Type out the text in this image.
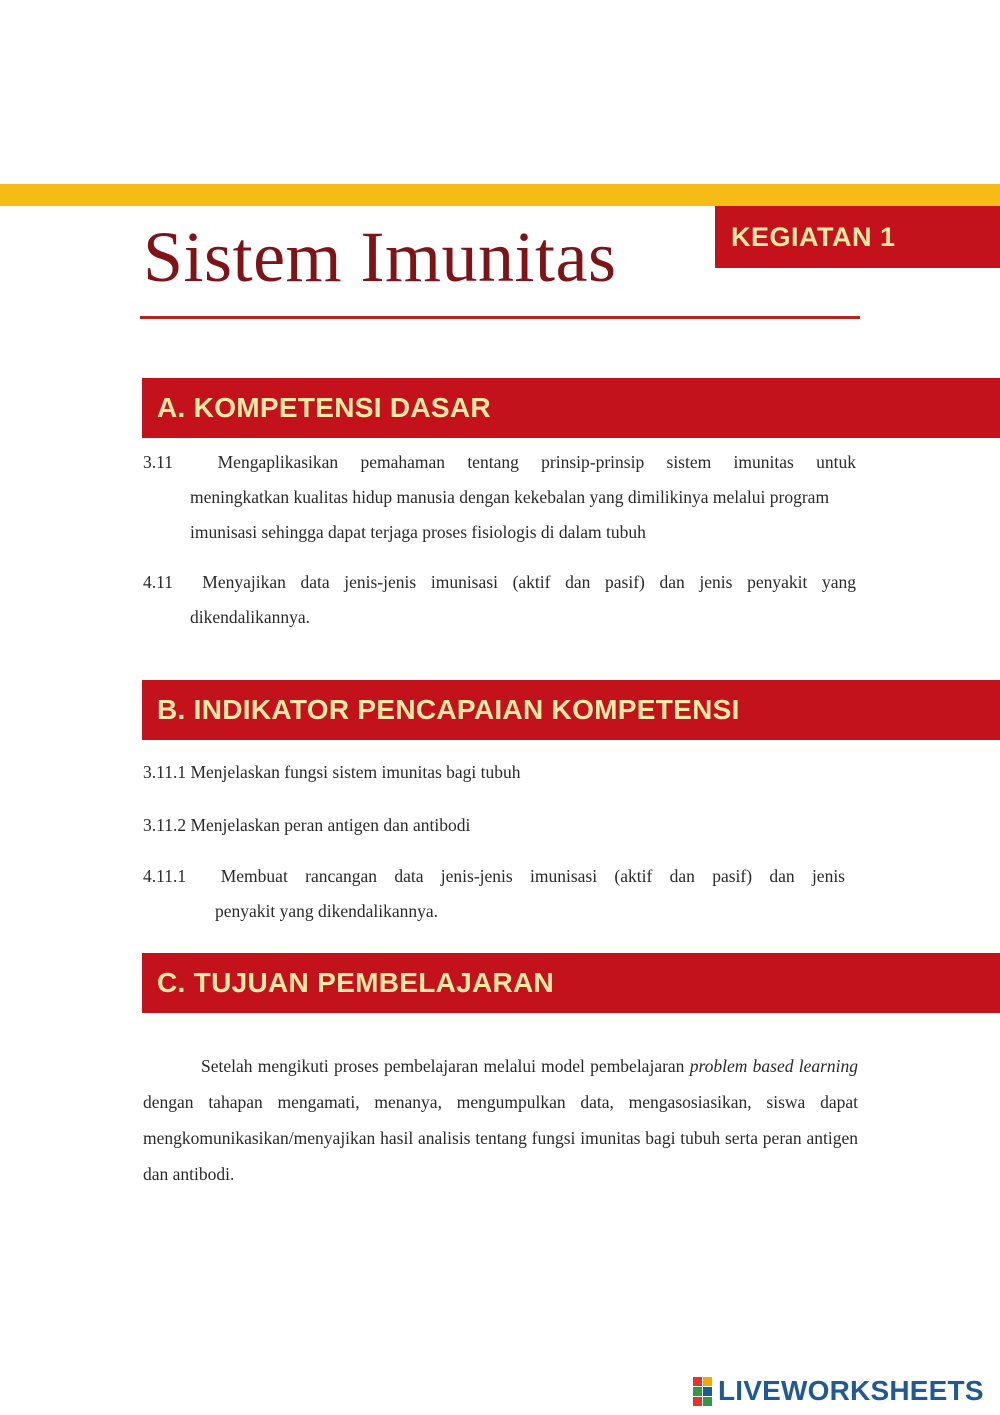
KEGIATAN 1
Sistem Imunitas
A. KOMPETENSI DASAR
3.11	Mengaplikasikan pemahaman tentang prinsip-prinsip sistem imunitas untuk
meningkatkan kualitas hidup manusia dengan kekebalan yang dimilikinya melalui program imunisasi sehingga dapat terjaga proses fisiologis di dalam tubuh
4.11 Menyajikan data jenis-jenis imunisasi (aktif dan pasif) dan jenis penyakit yang
dikendalikannya.
B. INDIKATOR PENCAPAIAN KOMPETENSI
3.11.1 Menjelaskan fungsi sistem imunitas bagi tubuh
3.11.2 Menjelaskan peran antigen dan antibodi
4.11.1 Membuat rancangan data jenis-jenis imunisasi (aktif dan pasif) dan jenis
penyakit yang dikendalikannya.
C. TUJUAN PEMBELAJARAN
Setelah mengikuti proses pembelajaran melalui model pembelajaran problem based learning dengan tahapan mengamati, menanya, mengumpulkan data, mengasosiasikan, siswa dapat mengkomunikasikan/menyajikan hasil analisis tentang fungsi imunitas bagi tubuh serta peran antigen dan antibodi.
LIVEWORKSHEETS
